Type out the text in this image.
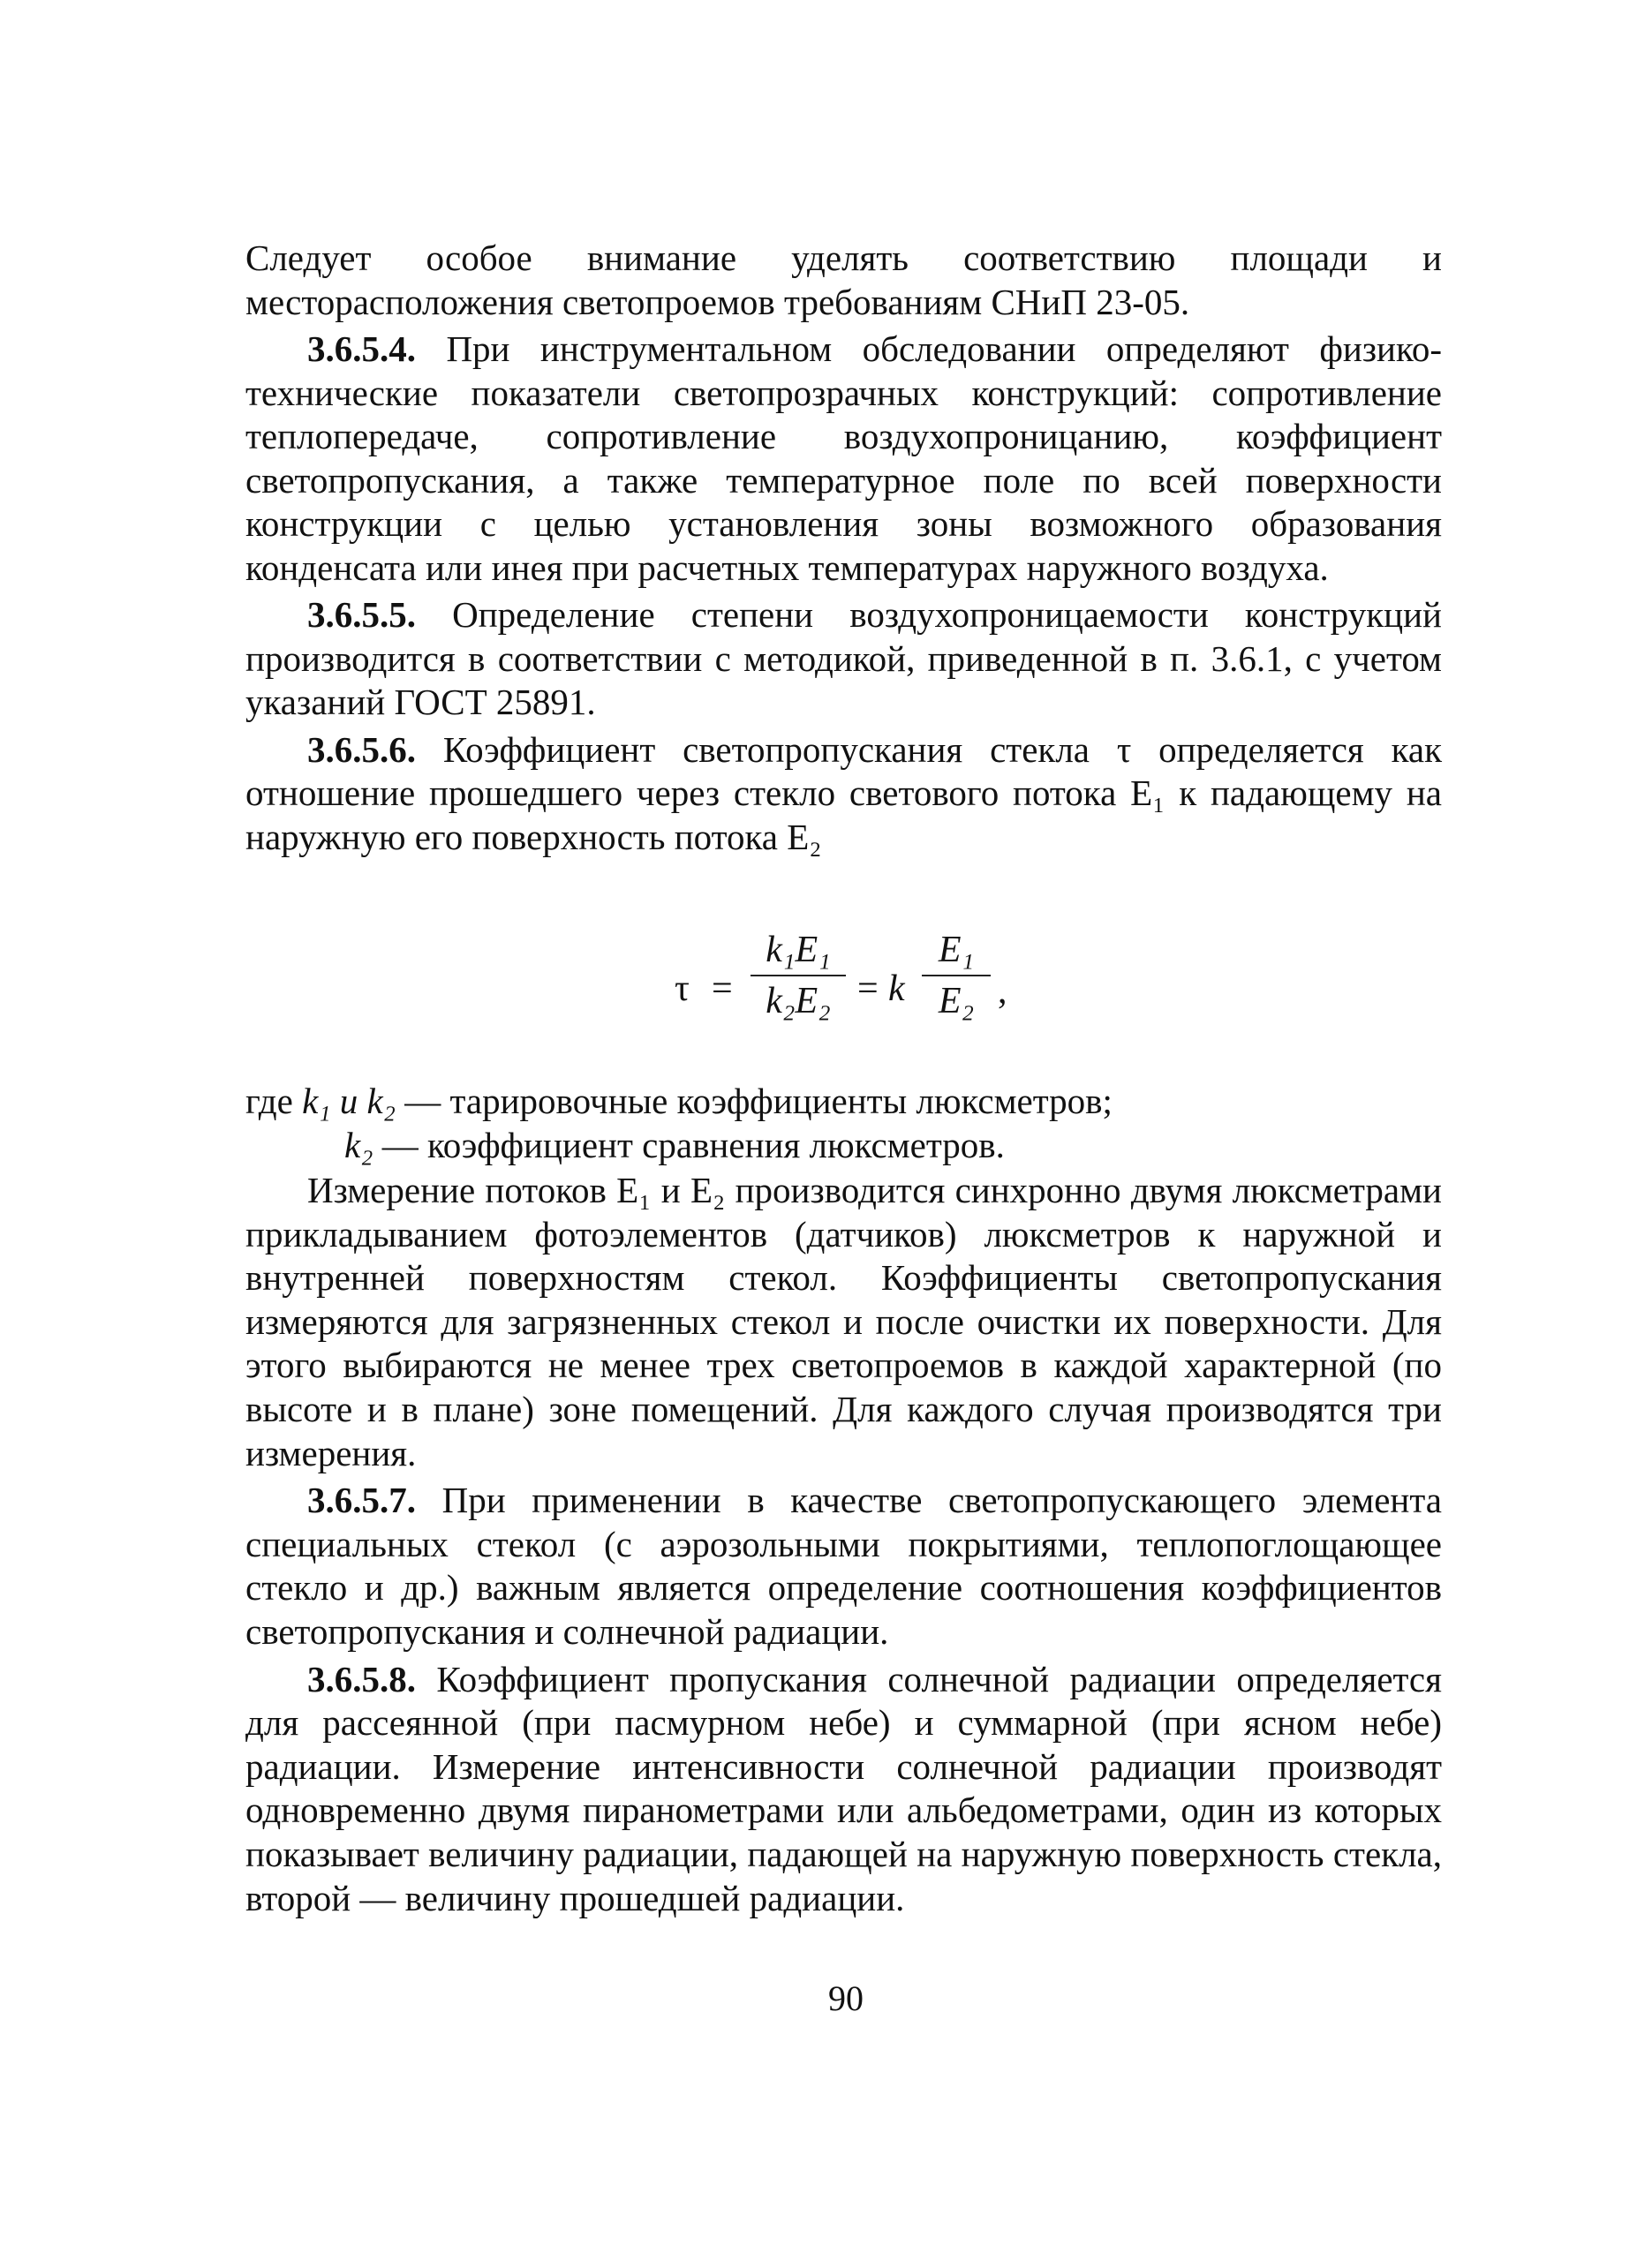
Следует особое внимание уделять соответствию площади и месторасположения светопроемов требованиям СНиП 23-05.

3.6.5.4. При инструментальном обследовании определяют физико-технические показатели светопрозрачных конструкций: сопротивление теплопередаче, сопротивление воздухопроницанию, коэффициент светопропускания, а также температурное поле по всей поверхности конструкции с целью установления зоны возможного образования конденсата или инея при расчетных температурах наружного воздуха.

3.6.5.5. Определение степени воздухопроницаемости конструкций производится в соответствии с методикой, приведенной в п. 3.6.1, с учетом указаний ГОСТ 25891.

3.6.5.6. Коэффициент светопропускания стекла τ определяется как отношение прошедшего через стекло светового потока E₁ к падающему на наружную его поверхность потока E₂

τ =
k₁E₁
k₂E₂ = k
E₁
E₂ ,
где k₁ и k₂ — тарировочные коэффициенты люксметров;
k₂ — коэффициент сравнения люксметров.

Измерение потоков E₁ и E₂ производится синхронно двумя люксметрами прикладыванием фотоэлементов (датчиков) люксметров к наружной и внутренней поверхностям стекол. Коэффициенты светопропускания измеряются для загрязненных стекол и после очистки их поверхности. Для этого выбираются не менее трех светопроемов в каждой характерной (по высоте и в плане) зоне помещений. Для каждого случая производятся три измерения.

3.6.5.7. При применении в качестве светопропускающего элемента специальных стекол (с аэрозольными покрытиями, теплопоглощающее стекло и др.) важным является определение соотношения коэффициентов светопропускания и солнечной радиации.

3.6.5.8. Коэффициент пропускания солнечной радиации определяется для рассеянной (при пасмурном небе) и суммарной (при ясном небе) радиации. Измерение интенсивности солнечной радиации производят одновременно двумя пиранометрами или альбедометрами, один из которых показывает величину радиации, падающей на наружную поверхность стекла, второй — величину прошедшей радиации.

90
